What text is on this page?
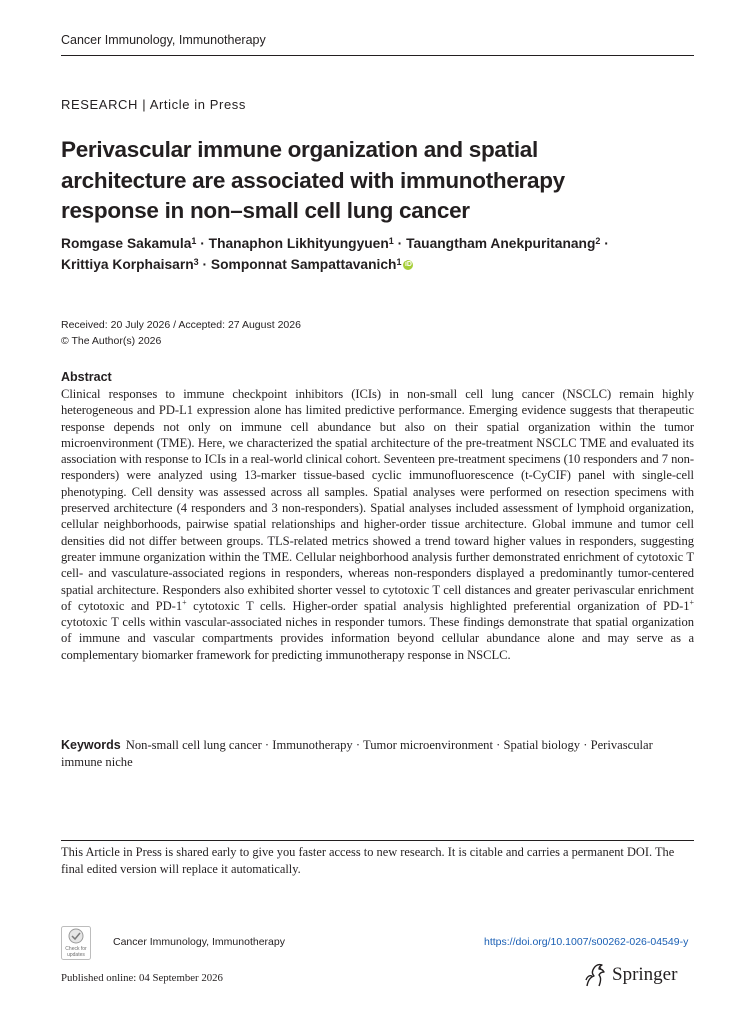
Cancer Immunology, Immunotherapy
RESEARCH | Article in Press
Perivascular immune organization and spatial architecture are associated with immunotherapy response in non–small cell lung cancer
Romgase Sakamula$^1$ · Thanaphon Likhityungyuen$^1$ · Tauangtham Anekpuritanang$^2$ ·
Krittiya Korphaisarn$^3$ · Somponnat Sampattavanich$^1$ iD
Received: 20 July 2026 / Accepted: 27 August 2026
© The Author(s) 2026
Abstract
Clinical responses to immune checkpoint inhibitors (ICIs) in non-small cell lung cancer (NSCLC) remain highly heterogeneous and PD-L1 expression alone has limited predictive performance. Emerging evidence suggests that therapeutic response depends not only on immune cell abundance but also on their spatial organization within the tumor microenvironment (TME). Here, we characterized the spatial architecture of the pre-treatment NSCLC TME and evaluated its association with response to ICIs in a real-world clinical cohort. Seventeen pre-treatment specimens (10 responders and 7 non-responders) were analyzed using 13-marker tissue-based cyclic immunofluorescence (t-CyCIF) panel with single-cell phenotyping. Cell density was assessed across all samples. Spatial analyses were performed on resection specimens with preserved architecture (4 responders and 3 non-responders). Spatial analyses included assessment of lymphoid organization, cellular neighborhoods, pairwise spatial relationships and higher-order tissue architecture. Global immune and tumor cell densities did not differ between groups. TLS-related metrics showed a trend toward higher values in responders, suggesting greater immune organization within the TME. Cellular neighborhood analysis further demonstrated enrichment of cytotoxic T cell- and vasculature-associated regions in responders, whereas non-responders displayed a predominantly tumor-centered spatial architecture. Responders also exhibited shorter vessel to cytotoxic T cell distances and greater perivascular enrichment of cytotoxic and PD-1+ cytotoxic T cells. Higher-order spatial analysis highlighted preferential organization of PD-1+ cytotoxic T cells within vascular-associated niches in responder tumors. These findings demonstrate that spatial organization of immune and vascular compartments provides information beyond cellular abundance alone and may serve as a complementary biomarker framework for predicting immunotherapy response in NSCLC.
Keywords Non-small cell lung cancer · Immunotherapy · Tumor microenvironment · Spatial biology · Perivascular immune niche
This Article in Press is shared early to give you faster access to new research. It is citable and carries a permanent DOI. The final edited version will replace it automatically.
Check for
updates
Cancer Immunology, Immunotherapy	https://doi.org/10.1007/s00262-026-04549-y
Published online: 04 September 2026	Springer
